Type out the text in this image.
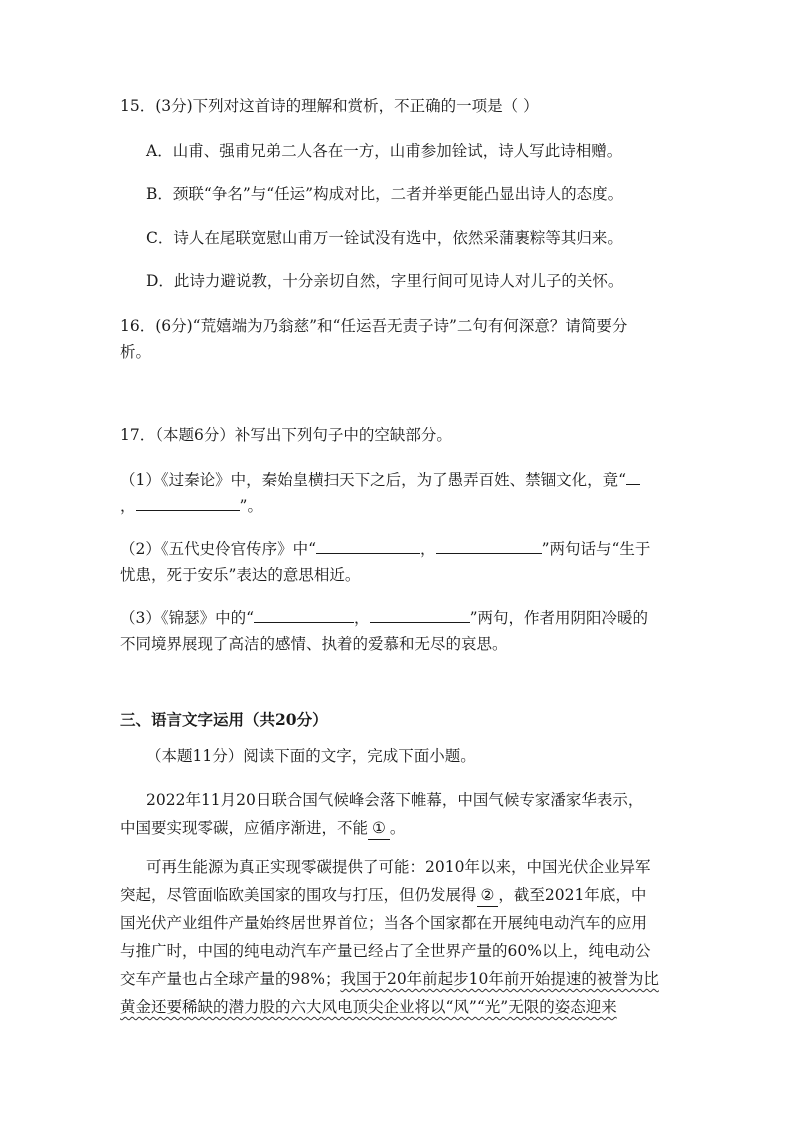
15．(3分)下列对这首诗的理解和赏析，不正确的一项是（ ）
A．山甫、强甫兄弟二人各在一方，山甫参加铨试，诗人写此诗相赠。
B．颈联“争名”与“任运”构成对比，二者并举更能凸显出诗人的态度。
C．诗人在尾联宽慰山甫万一铨试没有选中，依然采蒲裹粽等其归来。
D．此诗力避说教，十分亲切自然，字里行间可见诗人对儿子的关怀。
16．(6分)“荒嬉端为乃翁慈”和“任运吾无责子诗”二句有何深意？请简要分
析。
17．（本题6分）补写出下列句子中的空缺部分。
（1）《过秦论》中，秦始皇横扫天下之后，为了愚弄百姓、禁锢文化，竟“
，	”。
（2）《五代史伶官传序》中“	，	”两句话与“生于
忧患，死于安乐”表达的意思相近。
（3）《锦瑟》中的“	，	”两句，作者用阴阳冷暖的
不同境界展现了高洁的感情、执着的爱慕和无尽的哀思。
三、语言文字运用（共20分）
（本题11分）阅读下面的文字，完成下面小题。
2022年11月20日联合国气候峰会落下帷幕，中国气候专家潘家华表示，
中国要实现零碳，应循序渐进，不能 ① 。
可再生能源为真正实现零碳提供了可能：2010年以来，中国光伏企业异军
突起，尽管面临欧美国家的围攻与打压，但仍发展得 ② ，截至2021年底，中
国光伏产业组件产量始终居世界首位；当各个国家都在开展纯电动汽车的应用
与推广时，中国的纯电动汽车产量已经占了全世界产量的60%以上，纯电动公
交车产量也占全球产量的98%；我国于20年前起步10年前开始提速的被誉为比
黄金还要稀缺的潜力股的六大风电顶尖企业将以“风”“光”无限的姿态迎来
